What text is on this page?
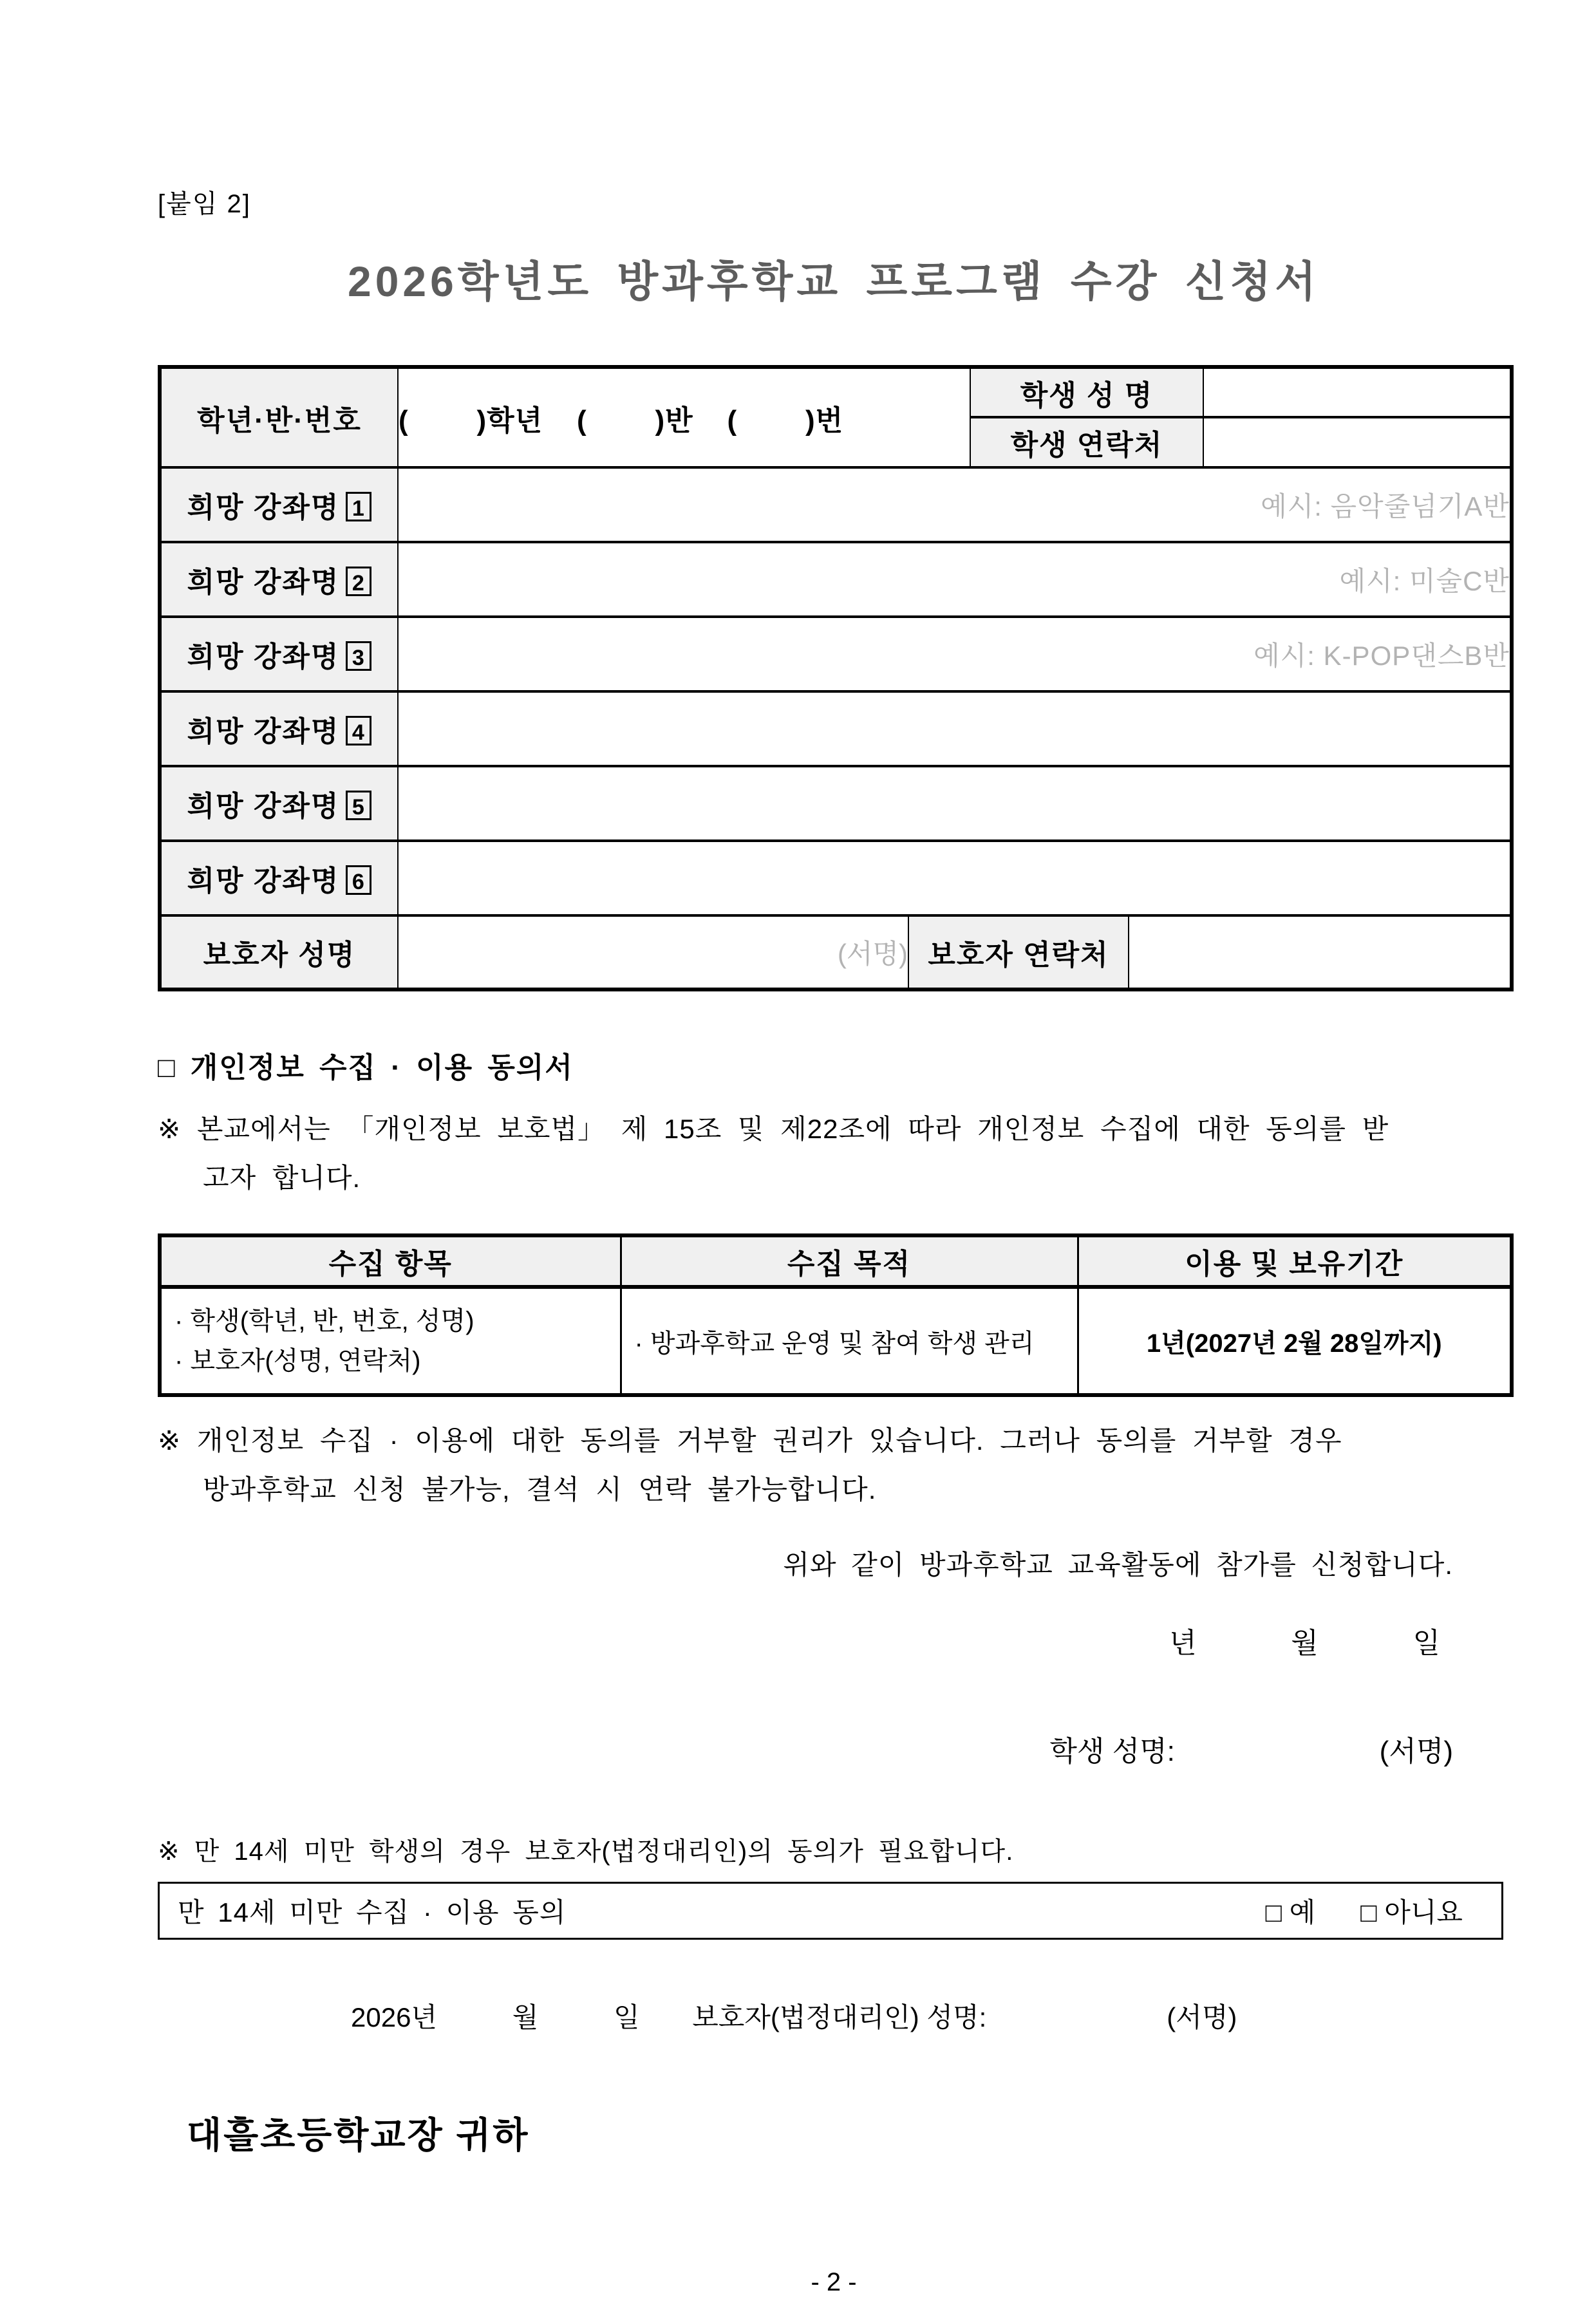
[붙임 2]
2026학년도 방과후학교 프로그램 수강 신청서
학년·반·번호	(        )학년    (        )반    (        )번		학생 성 명		
			학생 연락처		
희망 강좌명 1	예시: 음악줄넘기A반				
희망 강좌명 2	예시: 미술C반				
희망 강좌명 3	예시: K-POP댄스B반				
희망 강좌명 4					
희망 강좌명 5					
희망 강좌명 6					
보호자 성명	(서명)	보호자 연락처			
□ 개인정보 수집 · 이용 동의서
※ 본교에서는 「개인정보 보호법」 제 15조 및 제22조에 따라 개인정보 수집에 대한 동의를 받
고자 합니다.
수집 항목	수집 목적	이용 및 보유기간

· 학생(학년, 반, 번호, 성명)
· 보호자(성명, 연락처)	· 방과후학교 운영 및 참여 학생 관리	1년(2027년 2월 28일까지)
※ 개인정보 수집 · 이용에 대한 동의를 거부할 권리가 있습니다. 그러나 동의를 거부할 경우
방과후학교 신청 불가능, 결석 시 연락 불가능합니다.
위와 같이 방과후학교 교육활동에 참가를 신청합니다.
년            월            일
학생 성명:                          (서명)
※ 만 14세 미만 학생의 경우 보호자(법정대리인)의 동의가 필요합니다.
만 14세 미만 수집 · 이용 동의	□ 예 □ 아니요
2026년          월          일       보호자(법정대리인) 성명:                        (서명)
대흘초등학교장 귀하
- 2 -
